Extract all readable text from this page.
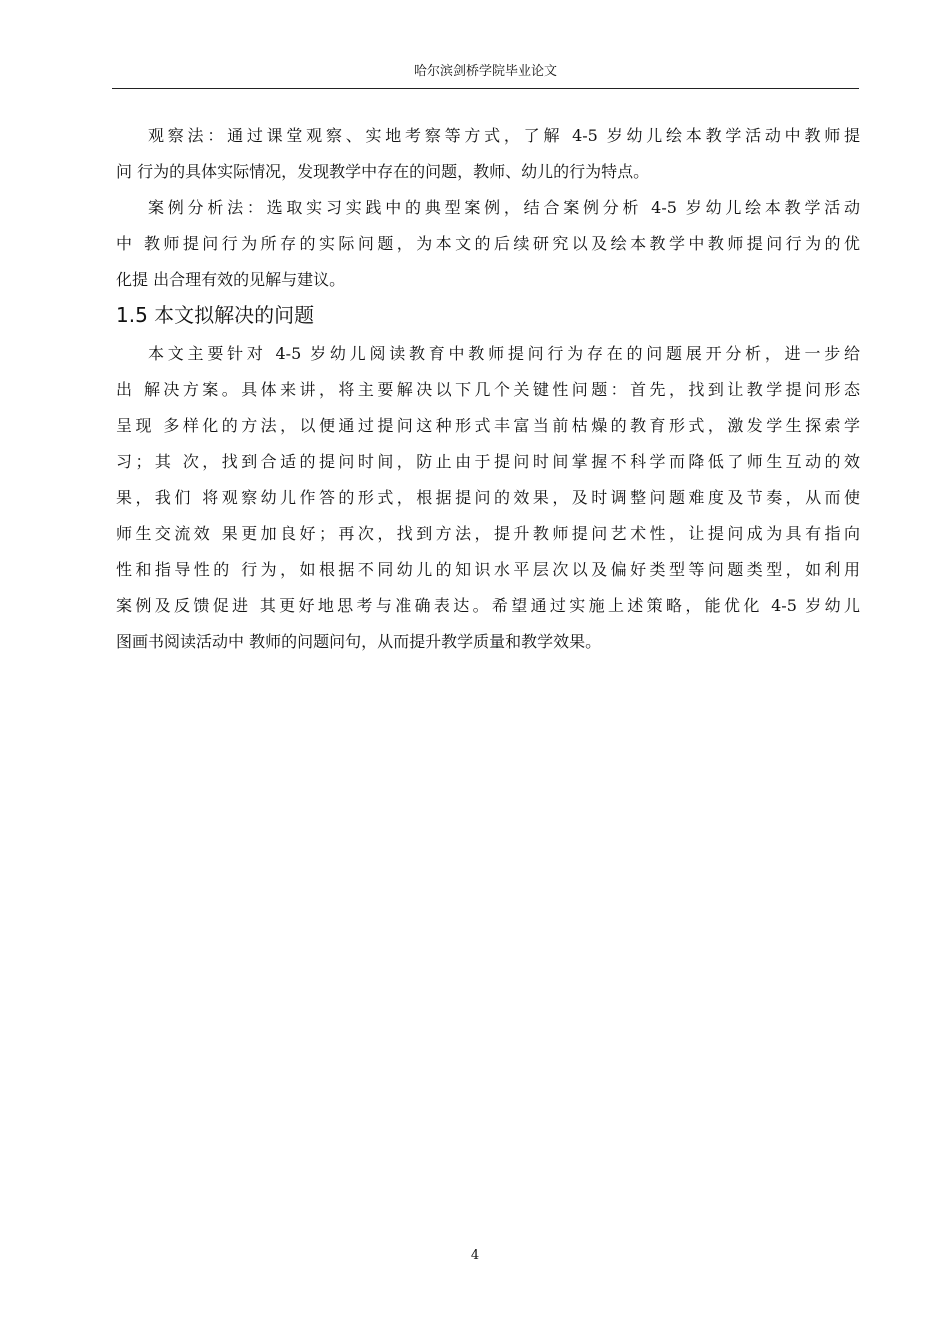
哈尔滨剑桥学院毕业论文
观察法：通过课堂观察、实地考察等方式，了解 4-5 岁幼儿绘本教学活动中教师提
问 行为的具体实际情况，发现教学中存在的问题，教师、幼儿的行为特点。
案例分析法：选取实习实践中的典型案例，结合案例分析 4-5 岁幼儿绘本教学活动
中 教师提问行为所存的实际问题，为本文的后续研究以及绘本教学中教师提问行为的优
化提 出合理有效的见解与建议。
1.5 本文拟解决的问题
本文主要针对 4-5 岁幼儿阅读教育中教师提问行为存在的问题展开分析，进一步给
出 解决方案。具体来讲，将主要解决以下几个关键性问题：首先，找到让教学提问形态
呈现 多样化的方法，以便通过提问这种形式丰富当前枯燥的教育形式，激发学生探索学
习；其 次，找到合适的提问时间，防止由于提问时间掌握不科学而降低了师生互动的效
果，我们 将观察幼儿作答的形式，根据提问的效果，及时调整问题难度及节奏，从而使
师生交流效 果更加良好；再次，找到方法，提升教师提问艺术性，让提问成为具有指向
性和指导性的 行为，如根据不同幼儿的知识水平层次以及偏好类型等问题类型，如利用
案例及反馈促进 其更好地思考与准确表达。希望通过实施上述策略，能优化 4-5 岁幼儿
图画书阅读活动中 教师的问题问句，从而提升教学质量和教学效果。
4
